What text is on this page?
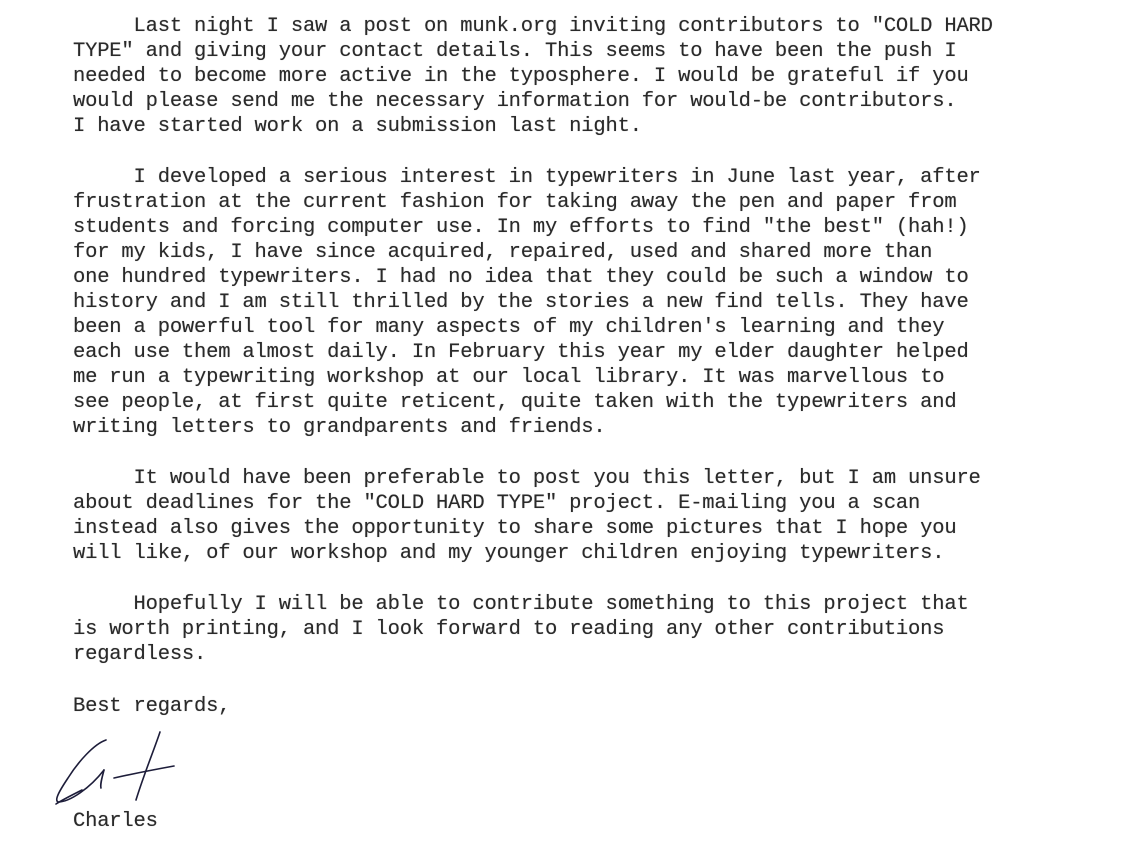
Last night I saw a post on munk.org inviting contributors to "COLD HARD
TYPE" and giving your contact details. This seems to have been the push I
needed to become more active in the typosphere. I would be grateful if you
would please send me the necessary information for would-be contributors.
I have started work on a submission last night.
I developed a serious interest in typewriters in June last year, after
frustration at the current fashion for taking away the pen and paper from
students and forcing computer use. In my efforts to find "the best" (hah!)
for my kids, I have since acquired, repaired, used and shared more than
one hundred typewriters. I had no idea that they could be such a window to
history and I am still thrilled by the stories a new find tells. They have
been a powerful tool for many aspects of my children's learning and they
each use them almost daily. In February this year my elder daughter helped
me run a typewriting workshop at our local library. It was marvellous to
see people, at first quite reticent, quite taken with the typewriters and
writing letters to grandparents and friends.
It would have been preferable to post you this letter, but I am unsure
about deadlines for the "COLD HARD TYPE" project. E-mailing you a scan
instead also gives the opportunity to share some pictures that I hope you
will like, of our workshop and my younger children enjoying typewriters.
Hopefully I will be able to contribute something to this project that
is worth printing, and I look forward to reading any other contributions
regardless.
Best regards,
Charles
